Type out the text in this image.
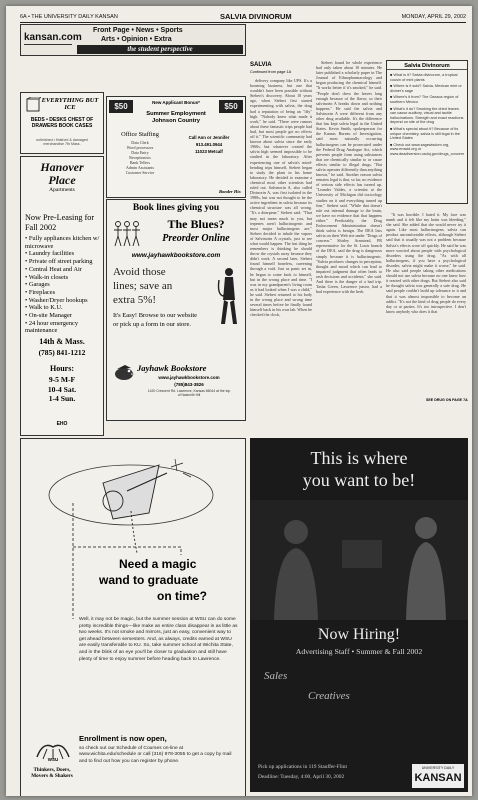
6A • THE UNIVERSITY DAILY KANSAN	SALVIA DIVINORUM	MONDAY, APRIL 29, 2002
kansan.com
Front Page • News • Sports
Arts • Opinion • Extra
the student perspective
EVERYTHING BUT ICE
BEDS • DESKS CHEST OF DRAWERS BOOK CASES
unfinished • finished & damaged merchandise 7th Mass.
Hanover
Place
Apartments
Now Pre-Leasing for Fall 2002
• Fully appliances kitchen w/ microwave
• Laundry facilities
• Private off street parking
• Central Heat and Air
• Walk-in closets
• Garages
• Fireplaces
• Washer/Dryer hookups
• Walk to K.U.
• On-site Manager
• 24 hour emergency maintenance
14th & Mass.
(785) 841-1212
Hours:
9-5 M-F
10-4 Sat.
1-4 Sun.
EHO
$50	$50
New Applicant Bonus*
Summer Employment Johnson Country
Office Staffing
Data Clerk
Word processors
Data Entry
Receptionists
Bank Tellers
Admin Assistants
Customer Service
Call Ann or Jennifer
913.491.0944
11023 Metcalf
Bonder Hix
Book lines giving you
The Blues?
Preorder Online
www.jayhawkbookstore.com
Avoid those
lines; save an
extra 5%!
It's Easy! Browse to our website
or pick up a form in our store.
Jayhawk Bookstore
www.jayhawkbookstore.com
(785)843-3826
1420 Crescent Rd. Lawrence, Kansas 66044 at the top of Naismith Hill
Need a magic
wand to graduate
on time?
Well, it may not be magic, but the summer session at WSU can do some pretty incredible things—like make an entire class disappear in as little as two weeks. It's not smoke and mirrors, just an easy, convenient way to get ahead between semesters. And, as always, credits earned at WSU are easily transferable to KU. So, take summer school at Wichita State, and in the blink of an eye you'll be closer to graduation and still have plenty of time to enjoy summer before heading back to Lawrence.
Enrollment is now open,
so check out our Schedule of Courses on-line at www.wichita.edu/schedule or call (316) 978-3055 to get a copy by mail and to find out how you can register by phone.
WSU
Thinkers, Doers, Movers & Shakers
SALVIA
Continued from page 1A

delivery company like UPS. It's a booming business, but one that wouldn't have been possible without Siebert's discovery. About 10 years ago, when Siebert first started experimenting with salvia, the drug had a reputation of being an "iffy" high. "Nobody knew what made it work," he said. "There were rumors about these fantastic trips people had had, but most people got no effects off it." The scientific community had known about salvia since the early 1960s, but whatever created the salvia high seemed impossible to be studied in the laboratory. After experiencing one of salvia's mind-bending trips himself, Siebert began to study the plant in his home laboratory. He decided to examine a chemical most other scientists had ruled out. Salvinorin A, also called Divinorin A, was first isolated in the 1980s, but was not thought to be the active ingredient in salvia because its chemical structure was all wrong. "It's a diterpene," Siebert said. "That may not mean much to you, but terpenes aren't hallucinogenic and most major hallucinogens are." Siebert decided to inhale the vapors of Salvinorin A crystals, just to see what would happen. The last thing he remembers is thinking he should throw the crystals away because they didn't work. A second later, Siebert found himself boneless, careening through a void. Just as panic set in, he began to come back to himself, but in the wrong place and time. "I was in my grandparent's living room as it had looked when I was a child," he said. Siebert returned to his body in the wrong place and wrong time several times before he finally found himself back in his own lab. When he checked the clock,

Siebert found he whole experience had only taken about 10 minutes. He later published a scholarly paper in The Journal of Ethnopharmacology and began producing the chemical himself. "It works better if it's smoked," he said. "People don't chew the leaves long enough because of the flavor, so their salvinorin A breaks down and nothing happens." He said the salvia and Salvinorin A were different from any other drug available. It's the difference that has kept salvia legal in the United States. Kevin Smith, spokesperson for the Kansas Bureau of Investigation, said most naturally occurring hallucinogens can be prosecuted under the Federal Drug Analogue Act, which prevents people from using substances that are chemically similar to or cause effects similar to illegal drugs. "But salvia operates differently than anything known," he said. Another reason salvia remains legal is that, so far, no evidence of serious side effects has turned up. "Leander Valdes, a scientist at the University of Michigan did toxicology studies on it and everything turned up fine," Siebert said. "While that doesn't rule out internal damage to the brain, we have no evidence that that happens either." Predictably, the Drug Enforcement Administration doesn't think salvia is benign. The DEA lists salvia on their Web site under "Drugs of concern." Shirley Armstead, PR representative for the St. Louis branch of the DEA, said the drug is dangerous simply because it is hallucinogenic. "Salvia produces changes in perception, thought and mood which can lead to impaired judgment that often leads to rash decisions and accidents," she said. And there is the danger of a bad trip. Tasha Green, Lawrence junior, had a bad experience with the herb.

Salvia Divinorum
■ What is it? Salvia divinorum, a tropical cousin of mint plants
■ Where is it sold? Salvia, Mexican mint or diviner's sage
■ Where's it from? The Oaxaca region of southern Mexico
■ What's it do? Smoking the dried leaves can cause auditory, visual and tactile hallucinations. Strength and exact reactions depend on site of the drug
■ What's special about it? Because of its unique chemistry, salvia is still legal in the United States
■ Check out www.sagewisdom.org, www.erowid.org or www.deadiversion.usdoj.gov/drugs_concern

"It was horrible. I hated it. My face was numb and it felt like my brain was bleeding," she said. She added that she would never try it again. Like most hallucinogens, salvia can product uncomfortable effects, although Siebert said that it usually was not a problem because Salvia's effects wore off quickly. He said he was more worried about people with psychological disorders using the drug. "As with all hallucinogens, if you have a psychological disorder, salvia might make it worse," he said. He also said people taking other medications should not use salvia because no one knew how it reacted with other drugs. But Siebert also said he thought salvia was generally a safe drug. He said people couldn't build up tolerance to it and that it was almost impossible to become an addict. "It's not the kind of drug people do every day or at parties. It's too introspective. I don't know anybody who does it that

SEE DRUG ON PAGE 7A
This is where
you want to be!
Now Hiring!
Advertising Staff • Summer & Fall 2002
Sales
Creatives
Pick up applications in 119 Stauffer-Flint
Deadline: Tuesday, 4:00, April 30, 2002
UNIVERSITY DAILY
KANSAN
